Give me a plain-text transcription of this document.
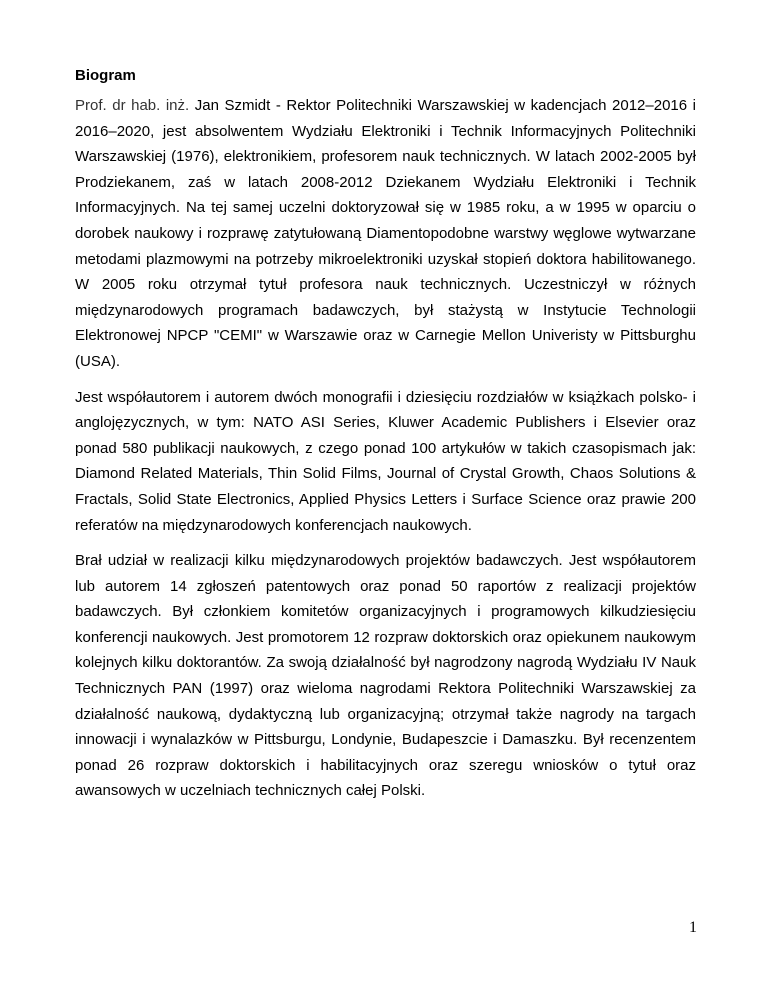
Biogram

Prof. dr hab. inż. Jan Szmidt - Rektor Politechniki Warszawskiej w kadencjach 2012–2016 i 2016–2020, jest absolwentem Wydziału Elektroniki i Technik Informacyjnych Politechniki Warszawskiej (1976), elektronikiem, profesorem nauk technicznych. W latach 2002-2005 był Prodziekanem, zaś w latach 2008-2012 Dziekanem Wydziału Elektroniki i Technik Informacyjnych. Na tej samej uczelni doktoryzował się w 1985 roku, a w 1995 w oparciu o dorobek naukowy i rozprawę zatytułowaną Diamentopodobne warstwy węglowe wytwarzane metodami plazmowymi na potrzeby mikroelektroniki uzyskał stopień doktora habilitowanego. W 2005 roku otrzymał tytuł profesora nauk technicznych. Uczestniczył w różnych międzynarodowych programach badawczych, był stażystą w Instytucie Technologii Elektronowej NPCP "CEMI" w Warszawie oraz w Carnegie Mellon Univeristy w Pittsburghu (USA).

Jest współautorem i autorem dwóch monografii i dziesięciu rozdziałów w książkach polsko- i anglojęzycznych, w tym: NATO ASI Series, Kluwer Academic Publishers i Elsevier oraz ponad 580 publikacji naukowych, z czego ponad 100 artykułów w takich czasopismach jak: Diamond Related Materials, Thin Solid Films, Journal of Crystal Growth, Chaos Solutions & Fractals, Solid State Electronics, Applied Physics Letters i Surface Science oraz prawie 200 referatów na międzynarodowych konferencjach naukowych.

Brał udział w realizacji kilku międzynarodowych projektów badawczych. Jest współautorem lub autorem 14 zgłoszeń patentowych oraz ponad 50 raportów z realizacji projektów badawczych. Był członkiem komitetów organizacyjnych i programowych kilkudziesięciu konferencji naukowych. Jest promotorem 12 rozpraw doktorskich oraz opiekunem naukowym kolejnych kilku doktorantów. Za swoją działalność był nagrodzony nagrodą Wydziału IV Nauk Technicznych PAN (1997) oraz wieloma nagrodami Rektora Politechniki Warszawskiej za działalność naukową, dydaktyczną lub organizacyjną; otrzymał także nagrody na targach innowacji i wynalazków w Pittsburgu, Londynie, Budapeszcie i Damaszku. Był recenzentem ponad 26 rozpraw doktorskich i habilitacyjnych oraz szeregu wniosków o tytuł oraz awansowych w uczelniach technicznych całej Polski.

1
